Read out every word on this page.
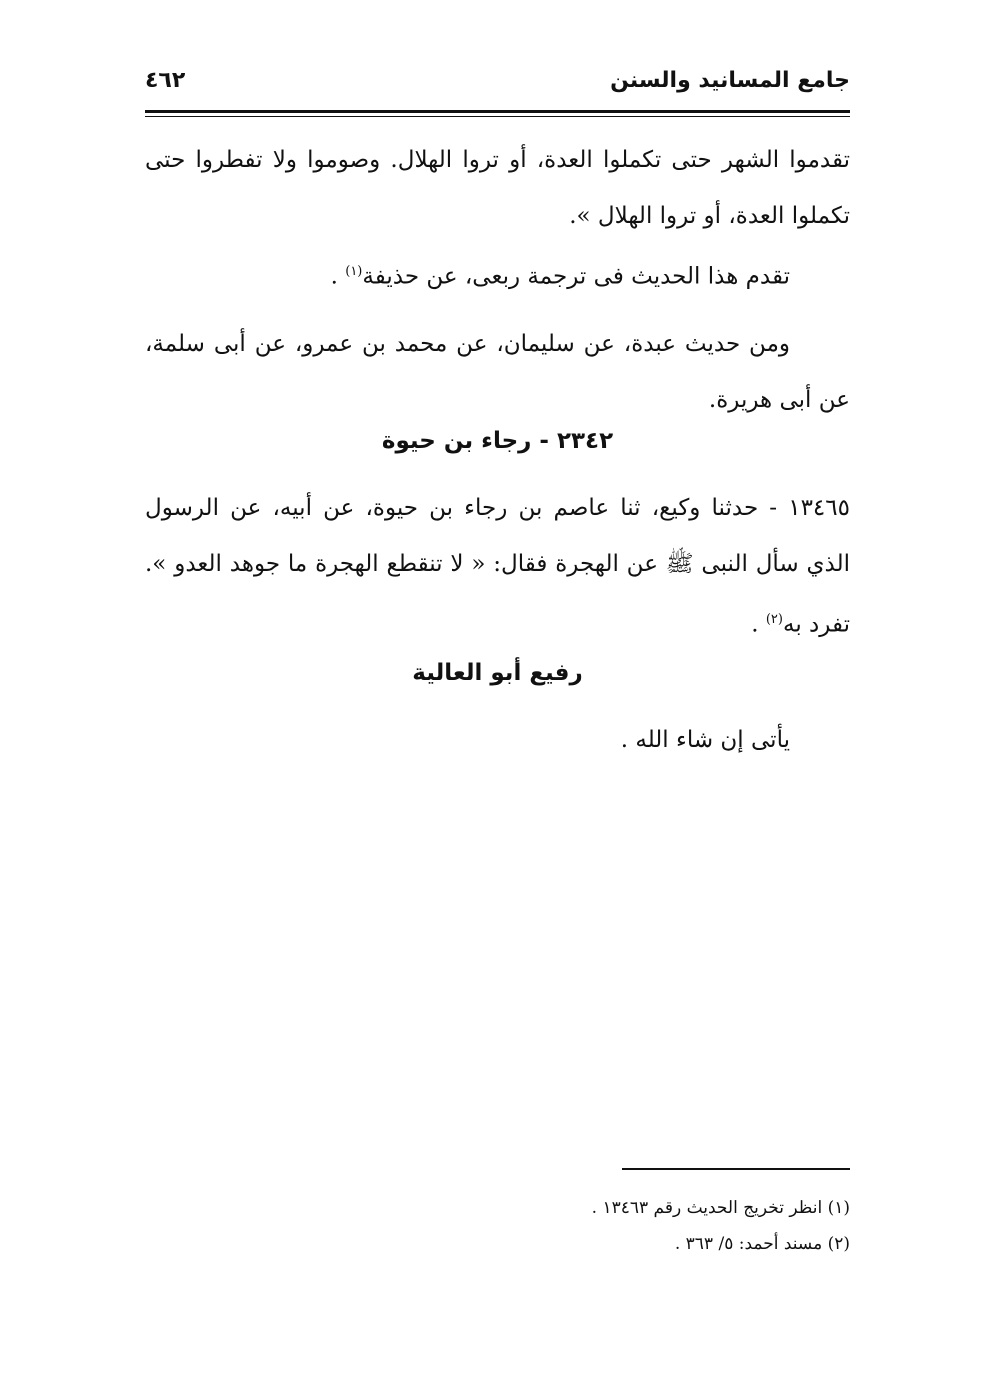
جامع المسانيد والسنن
٤٦٢
تقدموا الشهر حتى تكملوا العدة، أو تروا الهلال. وصوموا ولا تفطروا حتى تكملوا العدة، أو تروا الهلال ».
تقدم هذا الحديث فى ترجمة ربعى، عن حذيفة$^{(١)}$ .
ومن حديث عبدة، عن سليمان، عن محمد بن عمرو، عن أبى سلمة، عن أبى هريرة.
٢٣٤٢ - رجاء بن حيوة
١٣٤٦٥ - حدثنا وكيع، ثنا عاصم بن رجاء بن حيوة، عن أبيه، عن الرسول الذي سأل النبى ﷺ عن الهجرة فقال: « لا تنقطع الهجرة ما جوهد العدو ». تفرد به$^{(٢)}$ .
رفيع أبو العالية
يأتى إن شاء الله .
(١) انظر تخريج الحديث رقم ١٣٤٦٣ .
(٢) مسند أحمد: ٥/ ٣٦٣ .
